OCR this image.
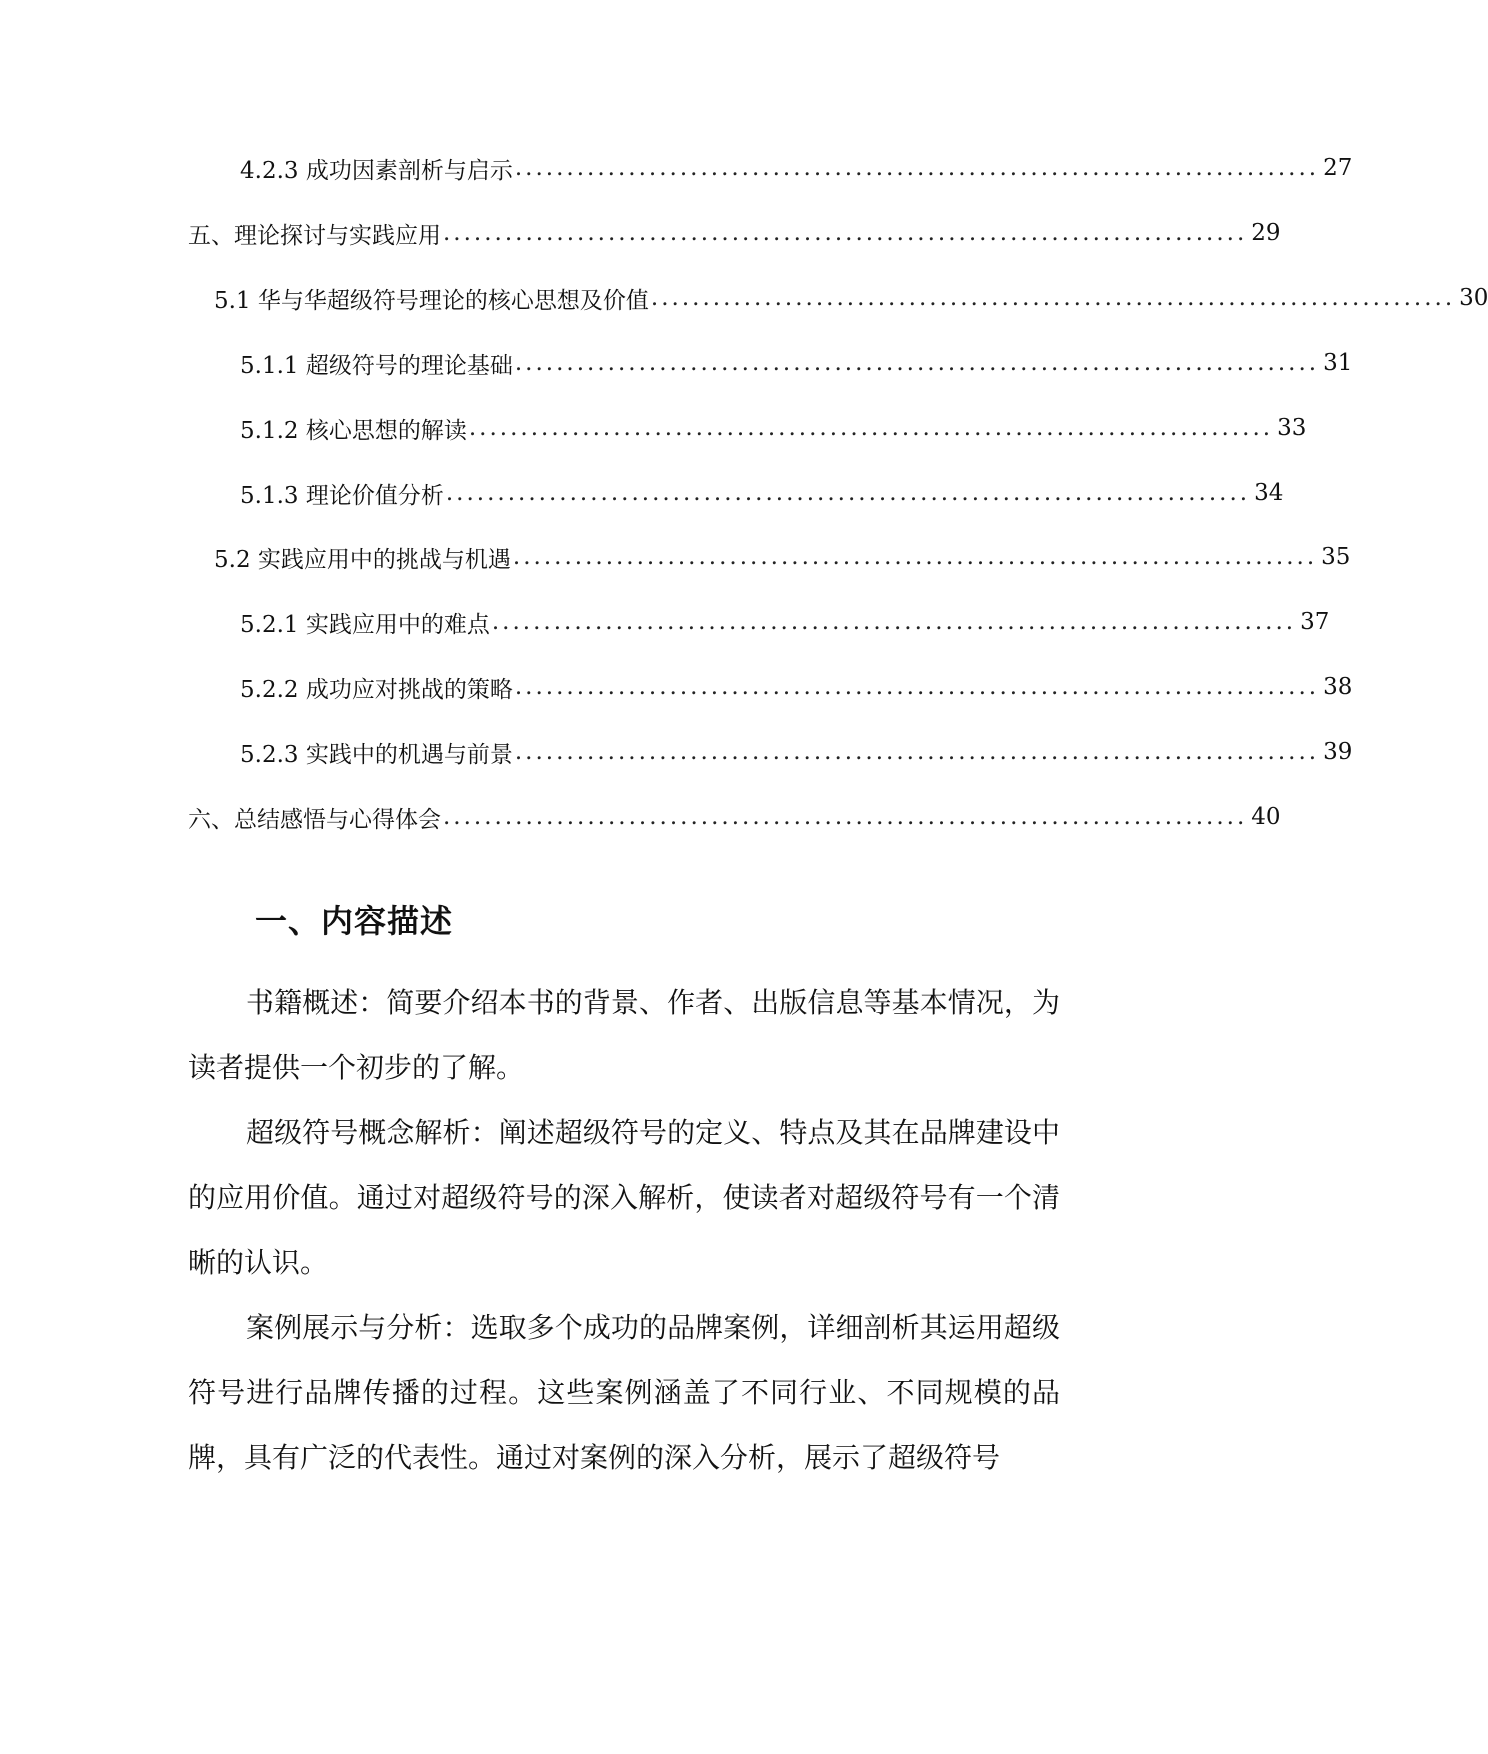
4.2.3 成功因素剖析与启示 .............................................................................. 27
五、理论探讨与实践应用 .............................................................................. 29
5.1 华与华超级符号理论的核心思想及价值 .............................................................................. 30
5.1.1 超级符号的理论基础 .............................................................................. 31
5.1.2 核心思想的解读 .............................................................................. 33
5.1.3 理论价值分析 .............................................................................. 34
5.2 实践应用中的挑战与机遇 .............................................................................. 35
5.2.1 实践应用中的难点 .............................................................................. 37
5.2.2 成功应对挑战的策略 .............................................................................. 38
5.2.3 实践中的机遇与前景 .............................................................................. 39
六、总结感悟与心得体会 .............................................................................. 40
一、内容描述

书籍概述：简要介绍本书的背景、作者、出版信息等基本情况，为读者提供一个初步的了解。

超级符号概念解析：阐述超级符号的定义、特点及其在品牌建设中的应用价值。通过对超级符号的深入解析，使读者对超级符号有一个清晰的认识。

案例展示与分析：选取多个成功的品牌案例，详细剖析其运用超级符号进行品牌传播的过程。这些案例涵盖了不同行业、不同规模的品牌，具有广泛的代表性。通过对案例的深入分析，展示了超级符号
